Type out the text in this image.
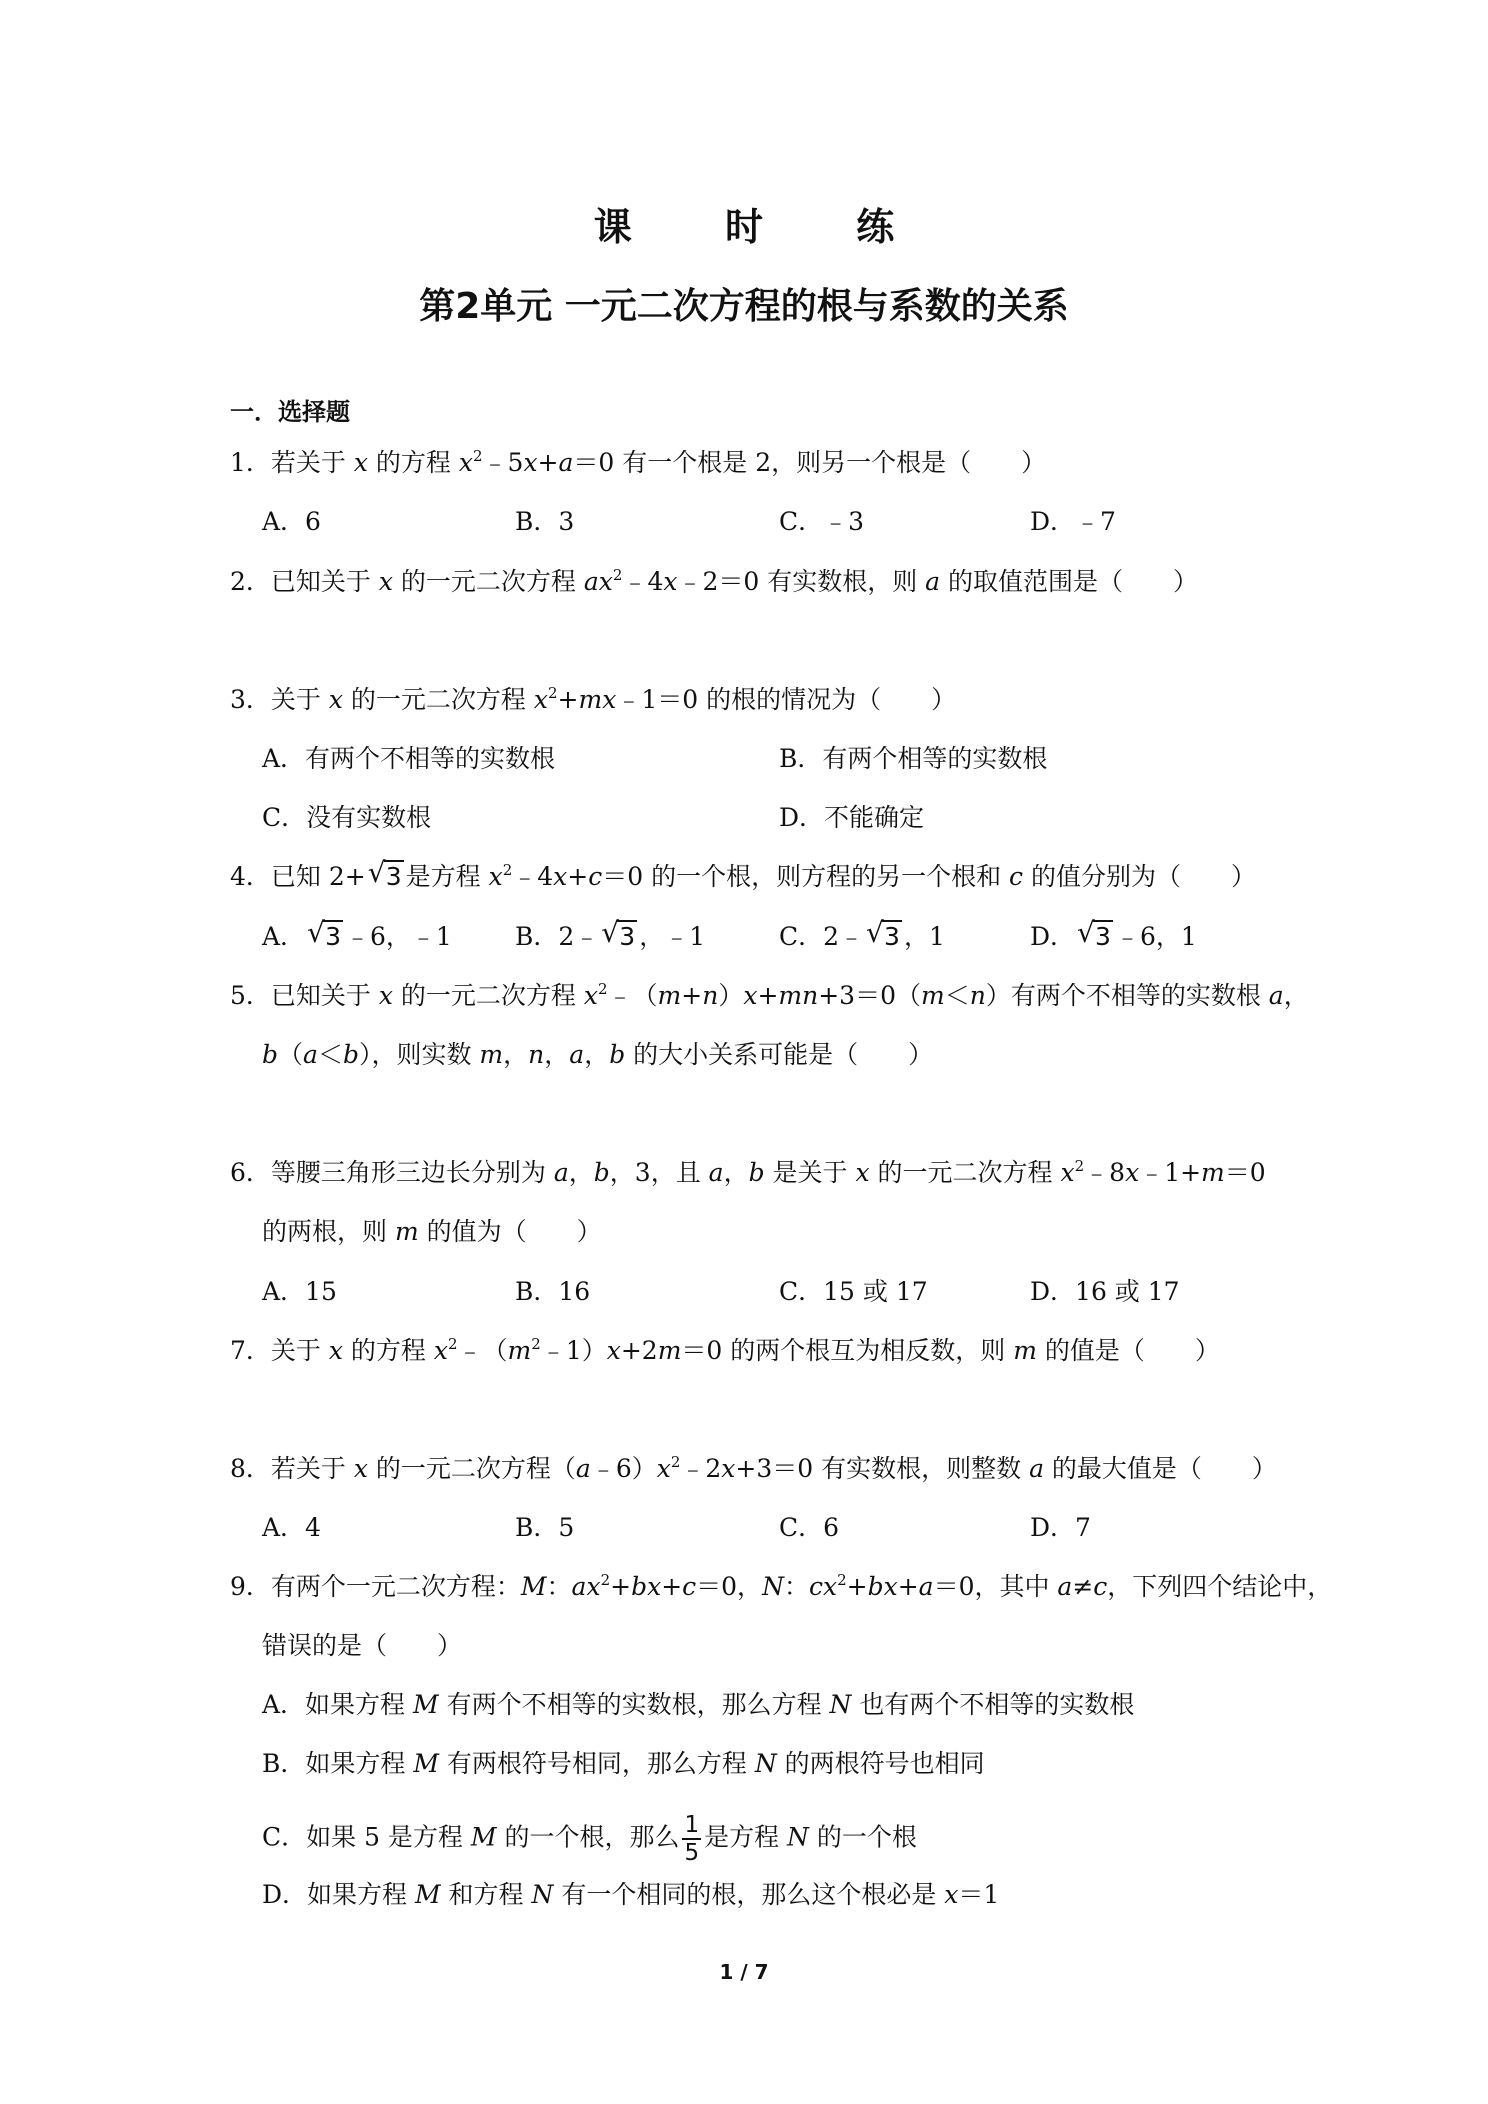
课 时 练
第2单元 一元二次方程的根与系数的关系
一．选择题
1．若关于 x 的方程 $x^2﹣5x+a=0$ 有一个根是 2，则另一个根是（　　）
A．6	B．3	C．﹣3	D．﹣7
2．已知关于 x 的一元二次方程 $ax^2﹣4x﹣2=0$ 有实数根，则 a 的取值范围是（　　）
3．关于 x 的一元二次方程 $x^2+mx﹣1=0$ 的根的情况为（　　）
A．有两个不相等的实数根	B．有两个相等的实数根
C．没有实数根	D．不能确定
4．已知 2+ √ 3 是方程 $x^2﹣4x+c=0$ 的一个根，则方程的另一个根和 c 的值分别为（　　）
A． √ 3 ﹣6，﹣1	B．2﹣ √ 3 ，﹣1	C．2﹣ √ 3 ，1	D． √ 3 ﹣6，1
5．已知关于 x 的一元二次方程 $x^2﹣(m+n)x+mn+3=0(m<n)$有两个不相等的实数根 a，
b（a＜b），则实数 m，n，a，b 的大小关系可能是（　　）
6．等腰三角形三边长分别为 a，b，3，且 a，b 是关于 x 的一元二次方程 $x^2﹣8x﹣1+m=0$
的两根，则 m 的值为（　　）
A．15	B．16	C．15 或 17	D．16 或 17
7．关于 x 的方程 $x^2﹣(m^2﹣1)x+2m=0$ 的两个根互为相反数，则 m 的值是（　　）
8．若关于 x 的一元二次方程$(a﹣6)x^2﹣2x+3=0$ 有实数根，则整数 a 的最大值是（　　）
A．4	B．5	C．6	D．7
9．有两个一元二次方程：M：$ax^2+bx+c=0$，N：$cx^2+bx+a=0$，其中 a≠c，下列四个结论中，
错误的是（　　）
A．如果方程 M 有两个不相等的实数根，那么方程 N 也有两个不相等的实数根
B．如果方程 M 有两根符号相同，那么方程 N 的两根符号也相同
C．如果 5 是方程 M 的一个根，那么 $\frac{1}{5}$ 是方程 N 的一个根
D．如果方程 M 和方程 N 有一个相同的根，那么这个根必是 x＝1
1 / 7
